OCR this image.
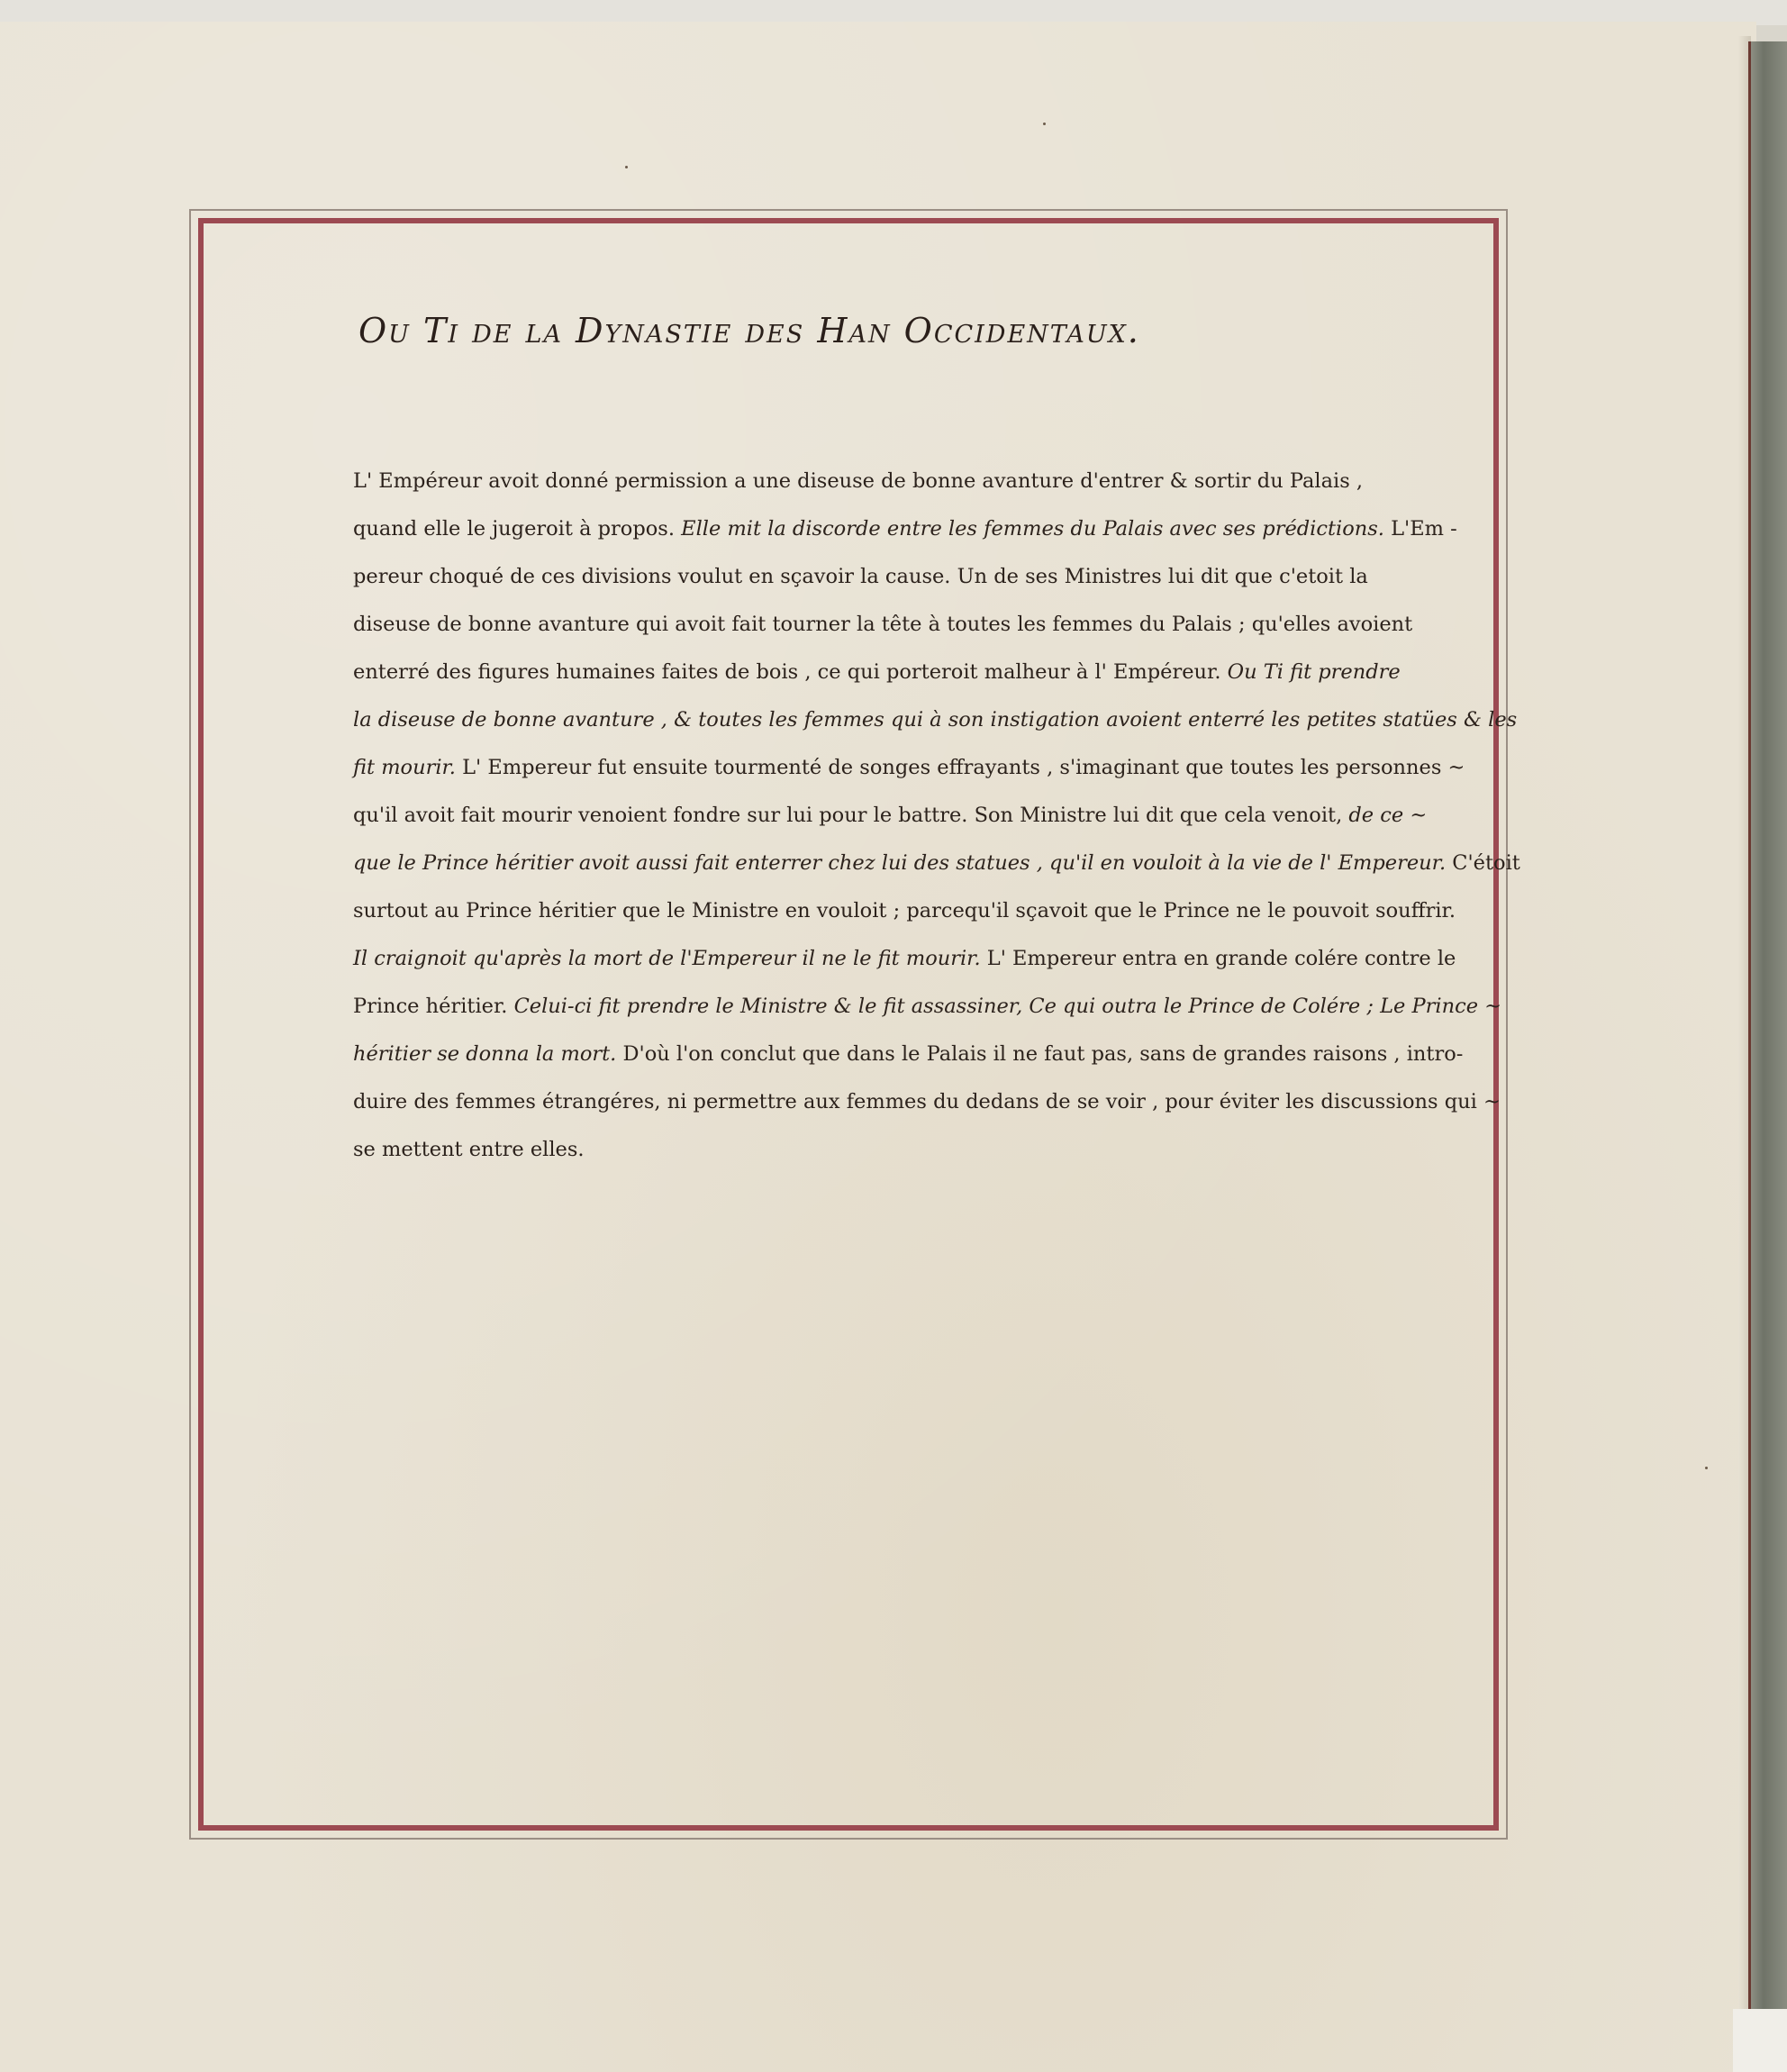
Ou Ti de la Dynastie des Han Occidentaux.
L' Empéreur avoit donné permission a une diseuse de bonne avanture d'entrer & sortir du Palais ,
quand elle le jugeroit à propos. Elle mit la discorde entre les femmes du Palais avec ses prédictions. L'Em -
pereur choqué de ces divisions voulut en sçavoir la cause. Un de ses Ministres lui dit que c'etoit la
diseuse de bonne avanture qui avoit fait tourner la tête à toutes les femmes du Palais ; qu'elles avoient
enterré des figures humaines faites de bois , ce qui porteroit malheur à l' Empéreur. Ou Ti fit prendre
la diseuse de bonne avanture , & toutes les femmes qui à son instigation avoient enterré les petites statües & les
fit mourir. L' Empereur fut ensuite tourmenté de songes effrayants , s'imaginant que toutes les personnes ~
qu'il avoit fait mourir venoient fondre sur lui pour le battre. Son Ministre lui dit que cela venoit, de ce ~
que le Prince héritier avoit aussi fait enterrer chez lui des statues , qu'il en vouloit à la vie de l' Empereur. C'étoit
surtout au Prince héritier que le Ministre en vouloit ; parcequ'il sçavoit que le Prince ne le pouvoit souffrir.
Il craignoit qu'après la mort de l'Empereur il ne le fit mourir. L' Empereur entra en grande colére contre le
Prince héritier. Celui-ci fit prendre le Ministre & le fit assassiner, Ce qui outra le Prince de Colére ; Le Prince ~
héritier se donna la mort. D'où l'on conclut que dans le Palais il ne faut pas, sans de grandes raisons , intro-
duire des femmes étrangéres, ni permettre aux femmes du dedans de se voir , pour éviter les discussions qui ~
se mettent entre elles.
